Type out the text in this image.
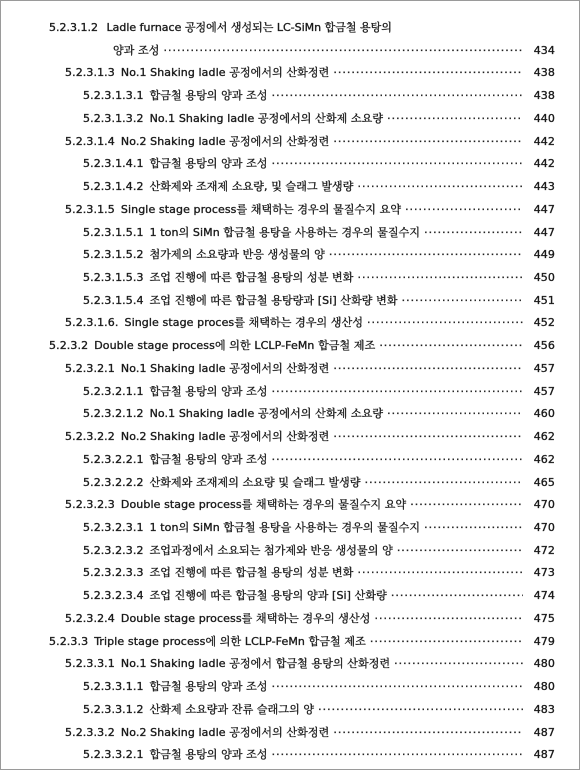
5.2.3.1.2 Ladle furnace 공정에서 생성되는 LC-SiMn 합금철 용탕의
양과 조성 ·····	434
5.2.3.1.3 No.1 Shaking ladle 공정에서의 산화정련 ·····	438
5.2.3.1.3.1 합금철 용탕의 양과 조성 ·····	438
5.2.3.1.3.2 No.1 Shaking ladle 공정에서의 산화제 소요량 ·····	440
5.2.3.1.4 No.2 Shaking ladle 공정에서의 산화정련 ·····	442
5.2.3.1.4.1 합금철 용탕의 양과 조성 ·····	442
5.2.3.1.4.2 산화제와 조재제 소요량, 및 슬래그 발생량 ·····	443
5.2.3.1.5 Single stage process를 채택하는 경우의 물질수지 요약 ·····	447
5.2.3.1.5.1 1 ton의 SiMn 합금철 용탕을 사용하는 경우의 물질수지 ·····	447
5.2.3.1.5.2 첨가제의 소요량과 반응 생성물의 양 ·····	449
5.2.3.1.5.3 조업 진행에 따른 합금철 용탕의 성분 변화 ·····	450
5.2.3.1.5.4 조업 진행에 따른 합금철 용탕량과 [Si] 산화량 변화 ·····	451
5.2.3.1.6. Single stage proces를 채택하는 경우의 생산성 ·····	452
5.2.3.2 Double stage process에 의한 LCLP-FeMn 합금철 제조 ·····	456
5.2.3.2.1 No.1 Shaking ladle 공정에서의 산화정련 ·····	457
5.2.3.2.1.1 합금철 용탕의 양과 조성 ·····	457
5.2.3.2.1.2 No.1 Shaking ladle 공정에서의 산화제 소요량 ·····	460
5.2.3.2.2 No.2 Shaking ladle 공정에서의 산화정련 ·····	462
5.2.3.2.2.1 합금철 용탕의 양과 조성 ·····	462
5.2.3.2.2.2 산화제와 조재제의 소요량 및 슬래그 발생량 ·····	465
5.2.3.2.3 Double stage process를 채택하는 경우의 물질수지 요약 ·····	470
5.2.3.2.3.1 1 ton의 SiMn 합금철 용탕을 사용하는 경우의 물질수지 ·····	470
5.2.3.2.3.2 조업과정에서 소요되는 첨가제와 반응 생성물의 양 ·····	472
5.2.3.2.3.3 조업 진행에 따른 합금철 용탕의 성분 변화 ·····	473
5.2.3.2.3.4 조업 진행에 따른 합금철 용탕의 양과 [Si] 산화량 ·····	474
5.2.3.2.4 Double stage process를 채택하는 경우의 생산성 ·····	475
5.2.3.3 Triple stage process에 의한 LCLP-FeMn 합금철 제조 ·····	479
5.2.3.3.1 No.1 Shaking ladle 공정에서 합금철 용탕의 산화정련 ·····	480
5.2.3.3.1.1 합금철 용탕의 양과 조성 ·····	480
5.2.3.3.1.2 산화제 소요량과 잔류 슬래그의 양 ·····	483
5.2.3.3.2 No.2 Shaking ladle 공정에서의 산화정련 ·····	487
5.2.3.3.2.1 합금철 용탕의 양과 조성 ·····	487
